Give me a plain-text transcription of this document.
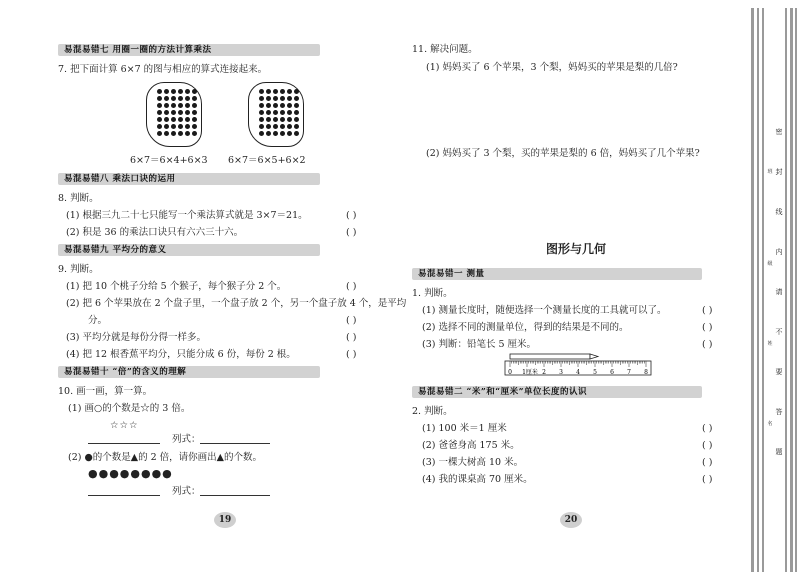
易混易错七 用圈一圈的方法计算乘法
7. 把下面计算 6×7 的图与相应的算式连接起来。
6×7＝6×4+6×3 6×7＝6×5+6×2
易混易错八 乘法口诀的运用
8. 判断。
(1) 根据三九二十七只能写一个乘法算式就是 3×7＝21。	( )
(2) 积是 36 的乘法口诀只有六六三十六。	( )
易混易错九 平均分的意义
9. 判断。
(1) 把 10 个桃子分给 5 个猴子，每个猴子分 2 个。	( )
(2) 把 6 个苹果放在 2 个盘子里，一个盘子放 2 个，另一个盘子放 4 个，是平均
分。	( )
(3) 平均分就是每份分得一样多。	( )
(4) 把 12 根香蕉平均分，只能分成 6 份，每份 2 根。	( )
易混易错十 “倍”的含义的理解
10. 画一画，算一算。
(1) 画○的个数是☆的 3 倍。
☆☆☆
列式：
(2) ●的个数是▲的 2 倍，请你画出▲的个数。
●●●●●●●●
列式：
19
11. 解决问题。
(1) 妈妈买了 6 个苹果，3 个梨，妈妈买的苹果是梨的几倍?
(2) 妈妈买了 3 个梨，买的苹果是梨的 6 倍，妈妈买了几个苹果?
图形与几何
易混易错一 测量
1. 判断。
(1) 测量长度时，随便选择一个测量长度的工具就可以了。	( )
(2) 选择不同的测量单位，得到的结果是不同的。	( )
(3) 判断：铅笔长 5 厘米。	( )
0 1厘米 2 3 4 5 6 7 8
易混易错二 “米”和“厘米”单位长度的认识
2. 判断。
(1) 100 米＝1 厘米	( )
(2) 爸爸身高 175 米。	( )
(3) 一棵大树高 10 米。	( )
(4) 我的课桌高 70 厘米。	( )
20
密
封
线
内
请
不
要
答
题
班
级
姓
名
